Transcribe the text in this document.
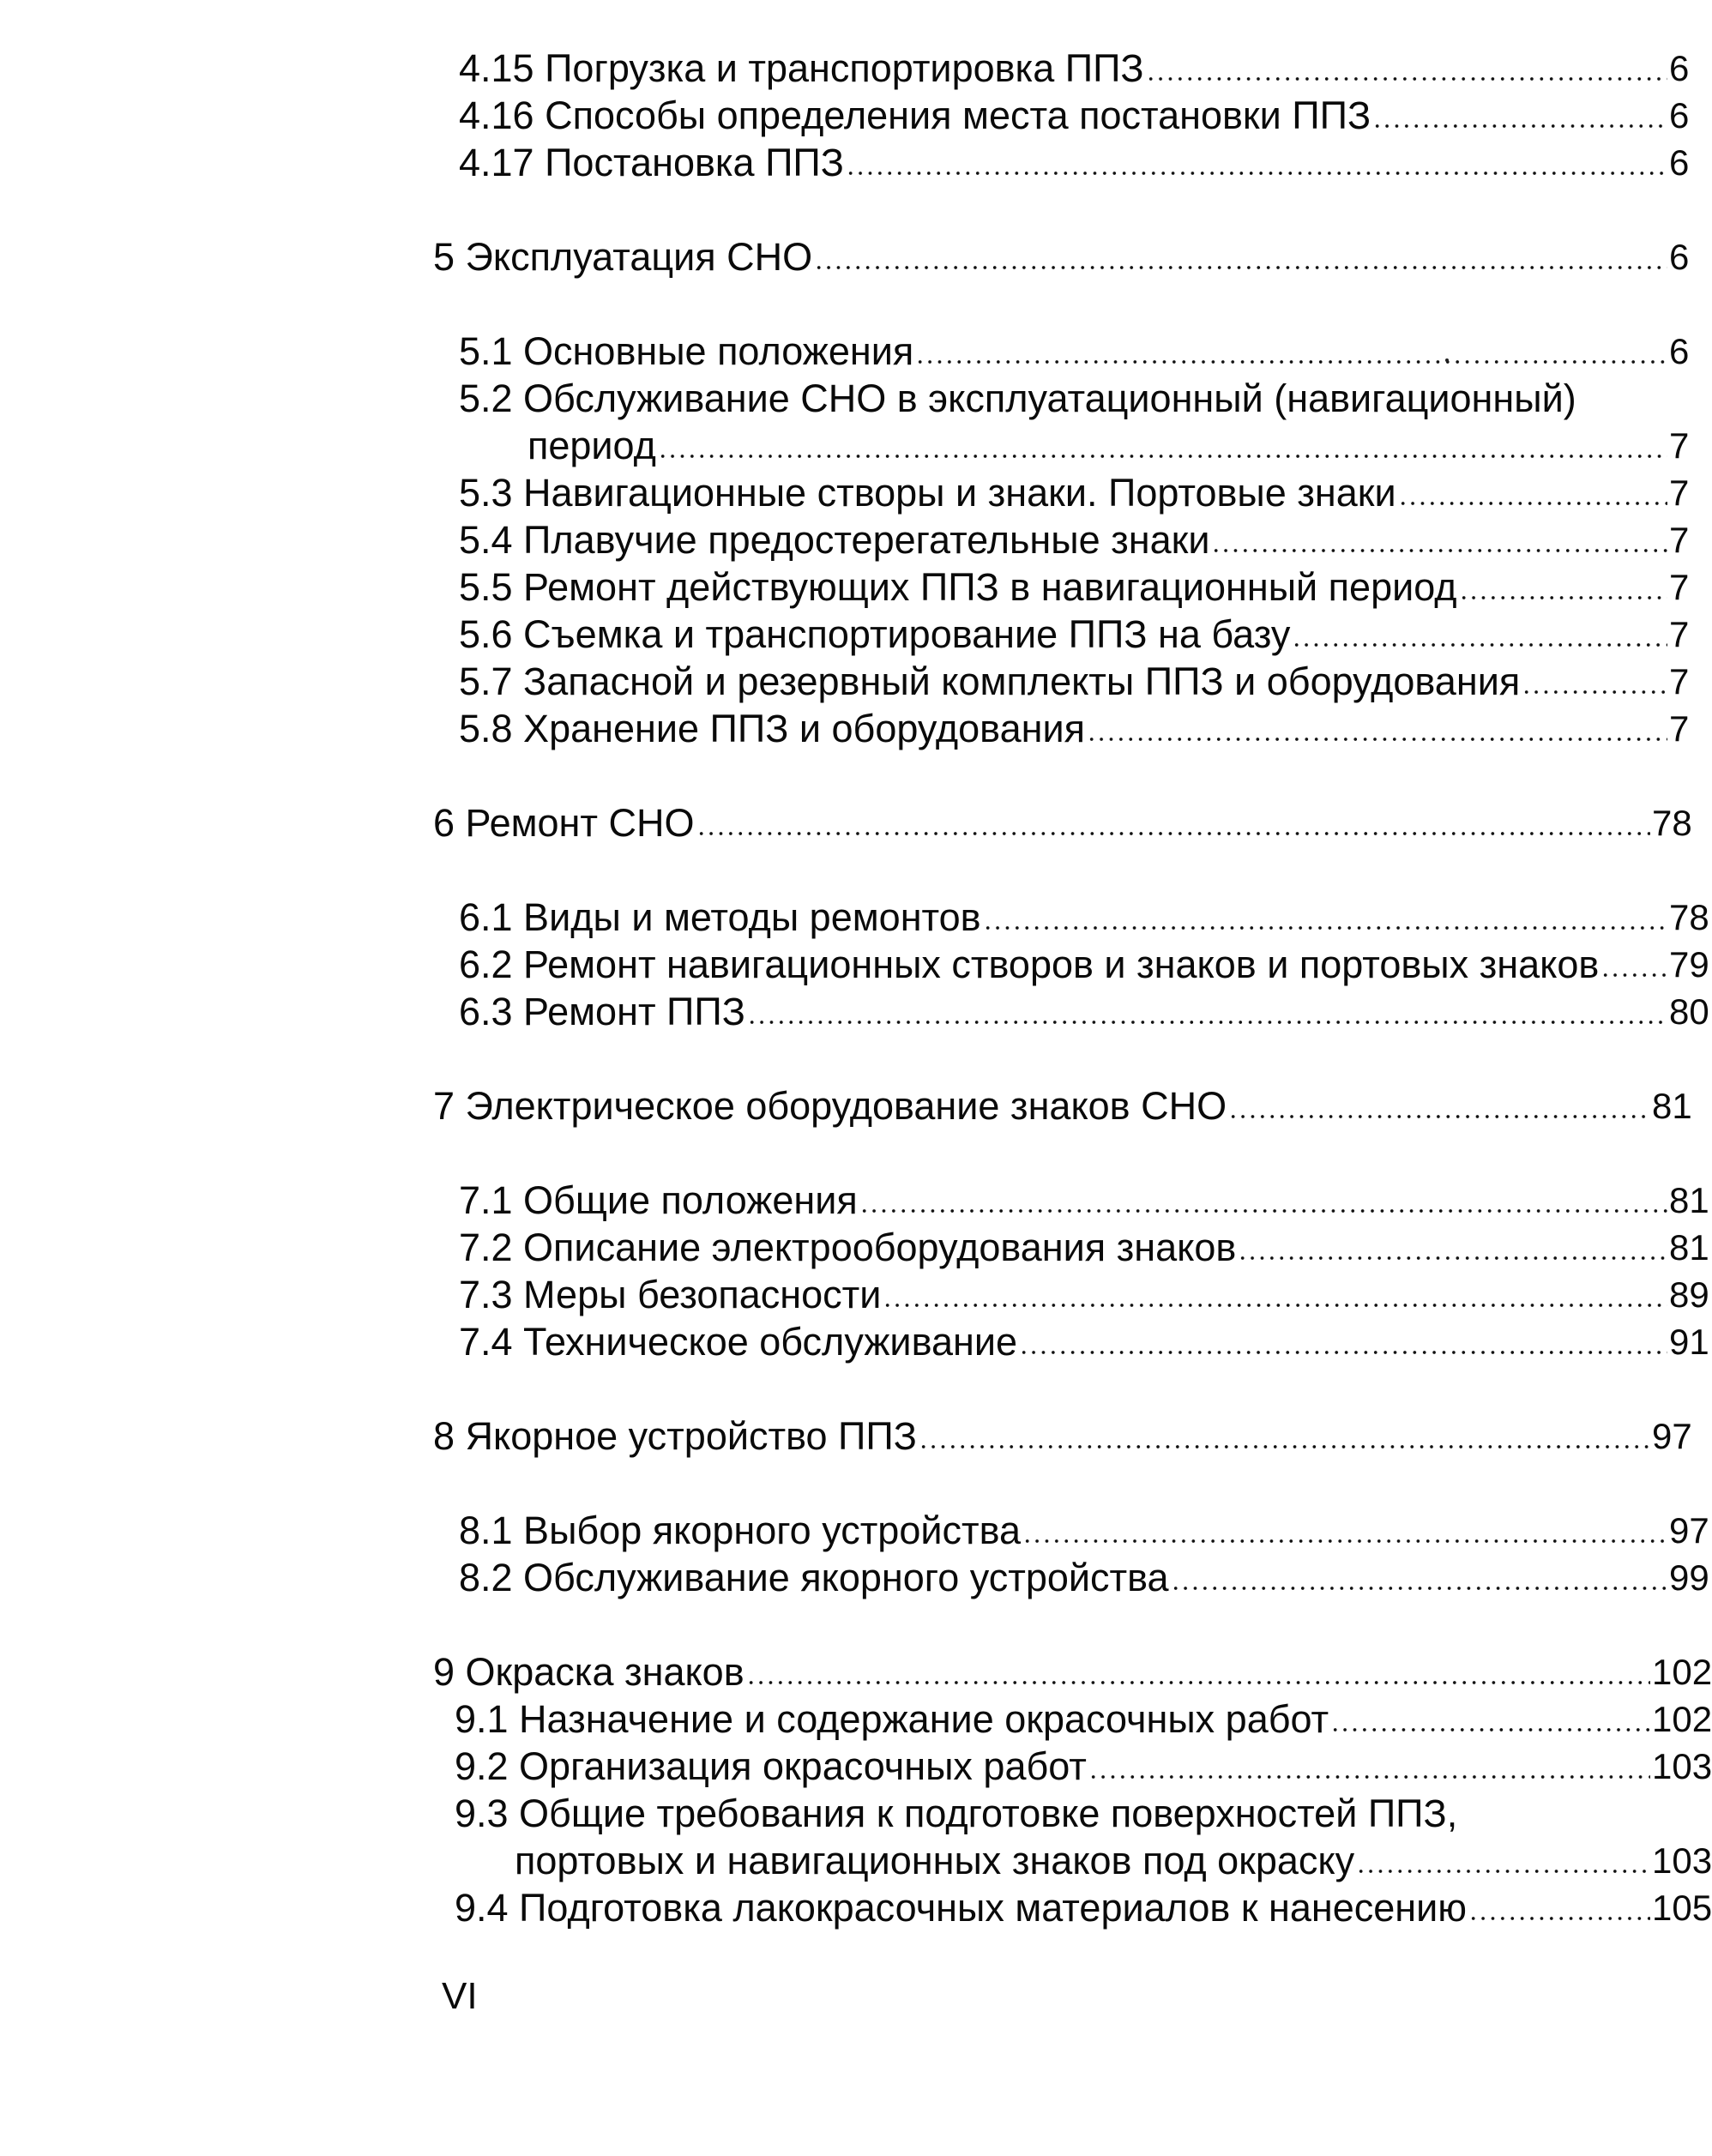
4.15 Погрузка и транспортировка ППЗ	6
4.16 Способы определения места постановки ППЗ	6
4.17 Постановка ППЗ	6
5 Эксплуатация СНО	6
5.1 Основные положения	6
5.2 Обслуживание СНО в эксплуатационный (навигационный)
период	7
5.3 Навигационные створы и знаки. Портовые знаки	7
5.4 Плавучие предостерегательные знаки	7
5.5 Ремонт действующих ППЗ в навигационный период	7
5.6 Съемка и транспортирование ППЗ на базу	7
5.7 Запасной и резервный комплекты ППЗ и оборудования	7
5.8 Хранение ППЗ и оборудования	7
6 Ремонт СНО	78
6.1 Виды и методы ремонтов	78
6.2 Ремонт навигационных створов и знаков и портовых знаков 79
6.3 Ремонт ППЗ	80
7 Электрическое оборудование знаков СНО	81
7.1 Общие положения	81
7.2 Описание электрооборудования знаков	81
7.3 Меры безопасности	89
7.4 Техническое обслуживание	91
8 Якорное устройство ППЗ	97
8.1 Выбор якорного устройства	97
8.2 Обслуживание якорного устройства	99
9 Окраска знаков	102
9.1 Назначение и содержание окрасочных работ	102
9.2 Организация окрасочных работ	103
9.3 Общие требования к подготовке поверхностей ППЗ,
портовых и навигационных знаков под окраску	103
9.4 Подготовка лакокрасочных материалов к нанесению	105
VI
